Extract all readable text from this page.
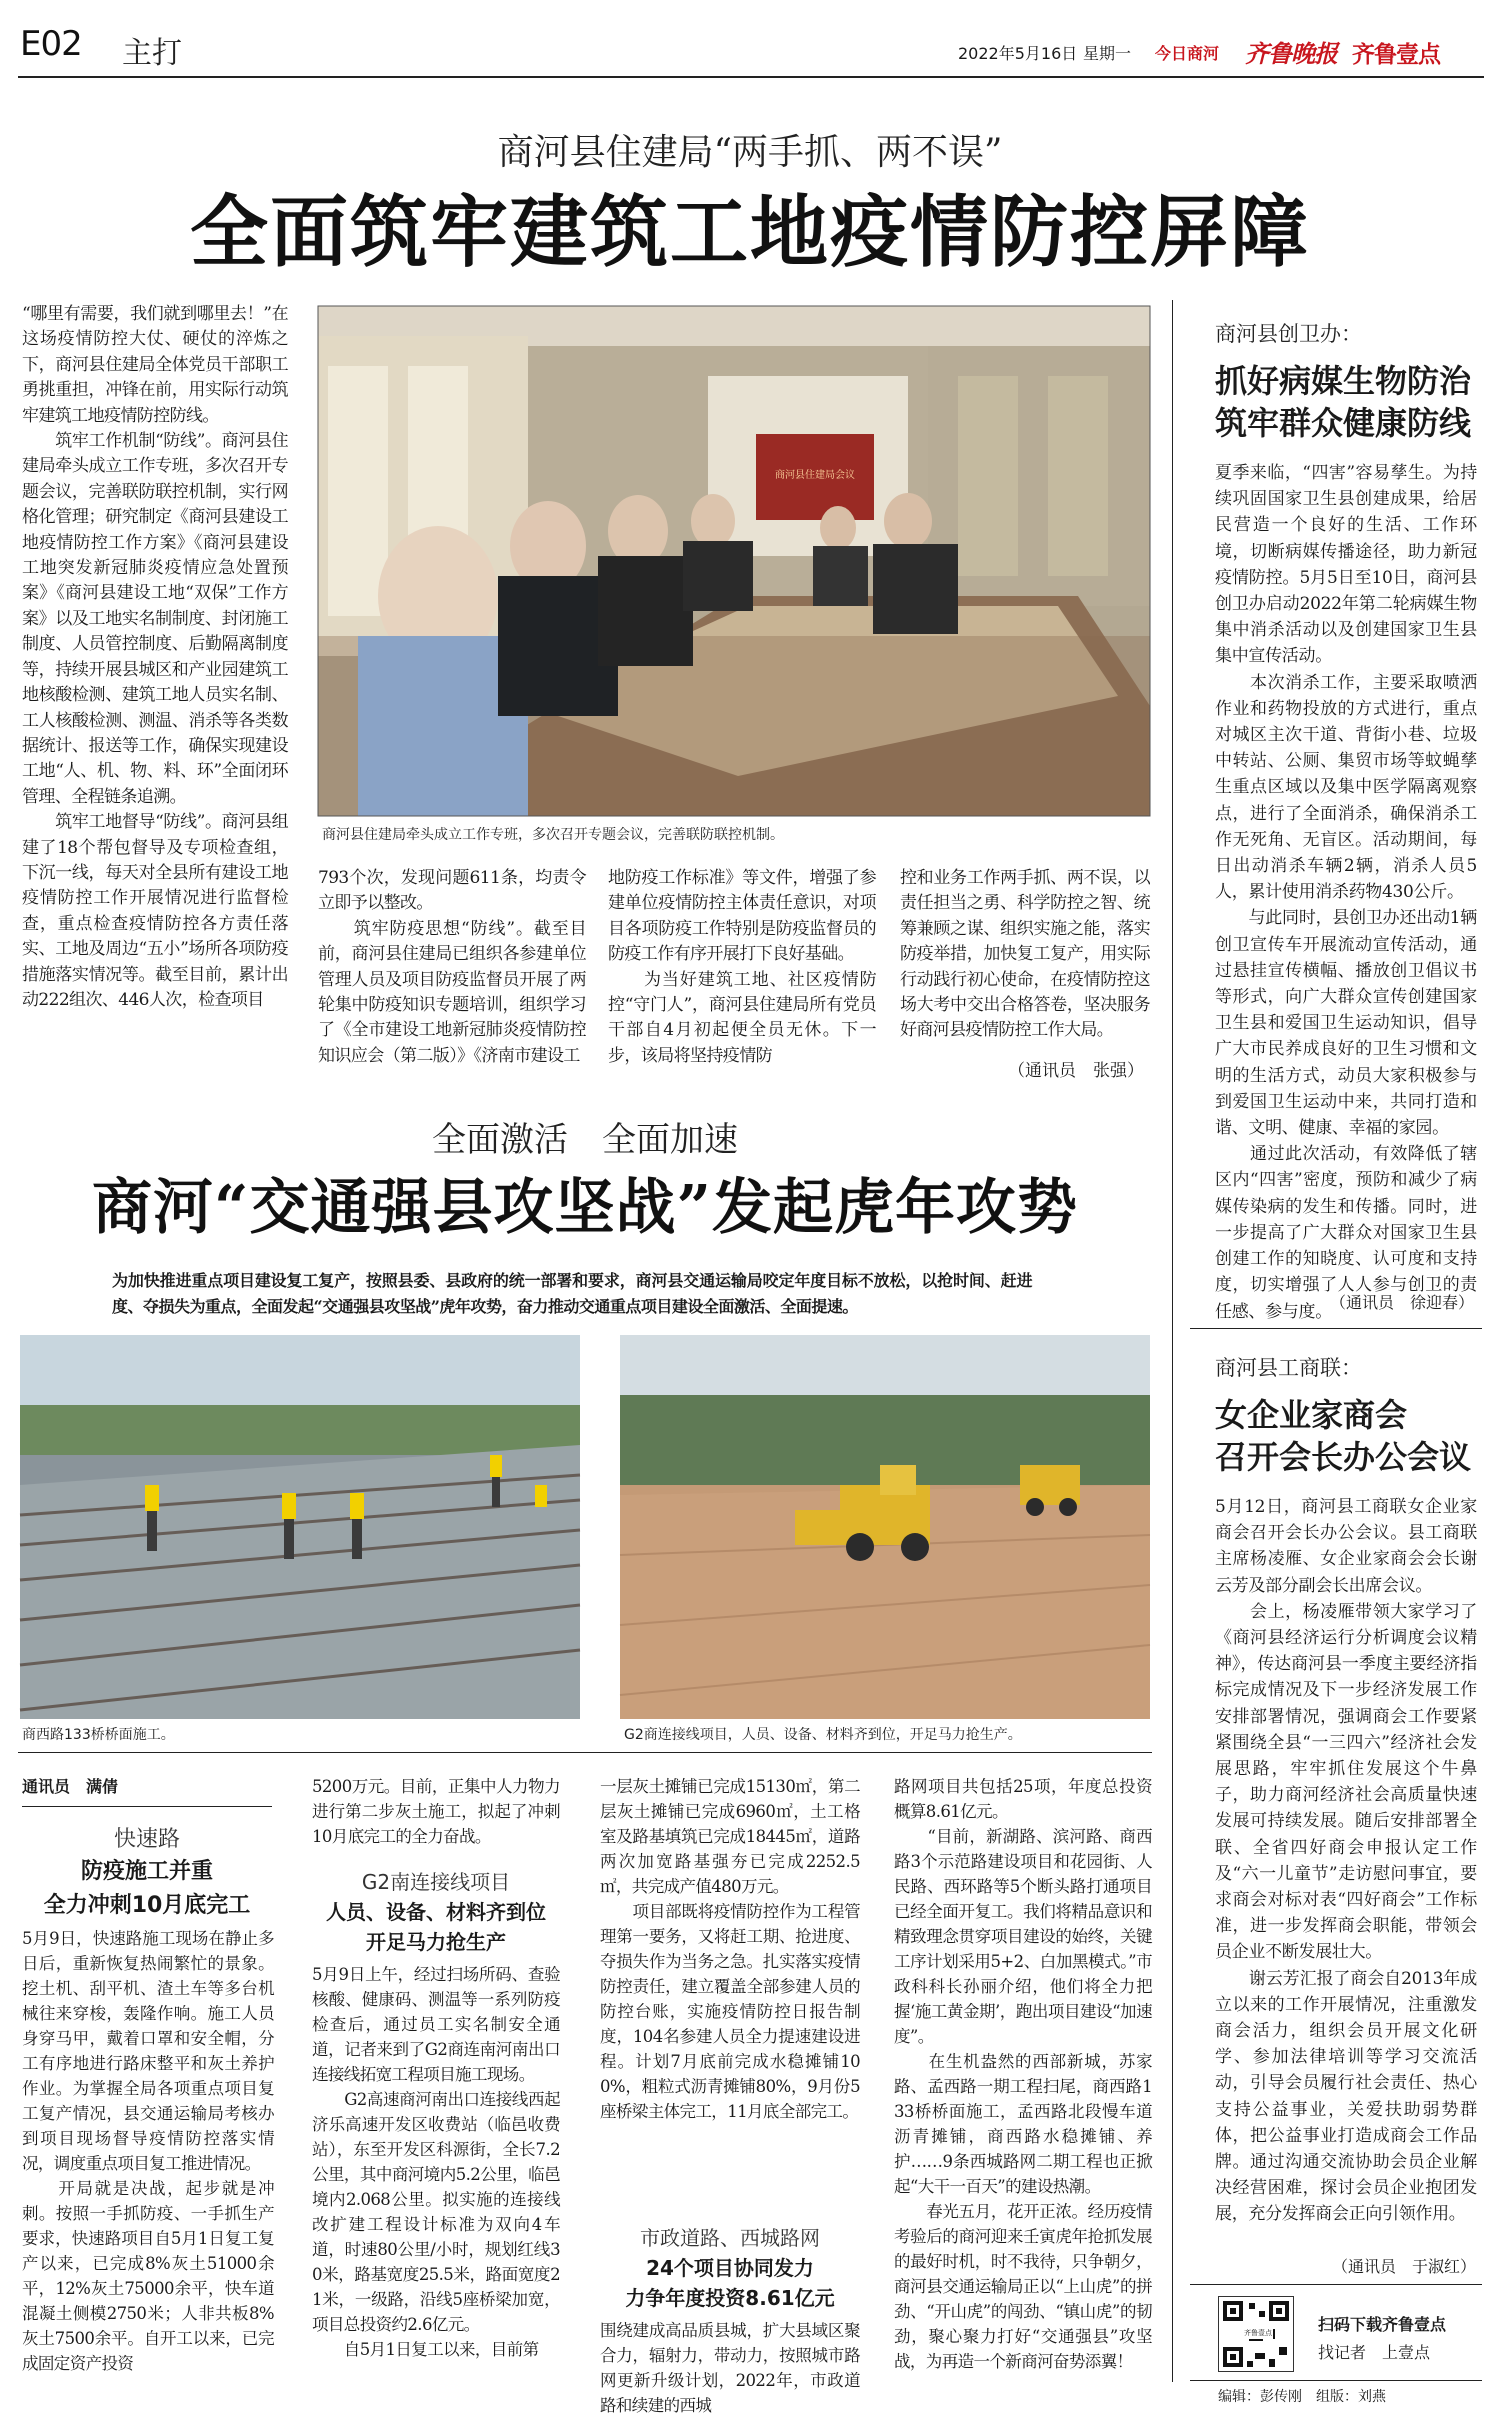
E02 主打	2022年5月16日 星期一 今日商河 齐鲁晚报 齐鲁壹点
商河县住建局“两手抓、两不误”
全面筑牢建筑工地疫情防控屏障
“哪里有需要，我们就到哪里去！”在这场疫情防控大仗、硬仗的淬炼之下，商河县住建局全体党员干部职工勇挑重担，冲锋在前，用实际行动筑牢建筑工地疫情防控防线。
　　筑牢工作机制“防线”。商河县住建局牵头成立工作专班，多次召开专题会议，完善联防联控机制，实行网格化管理；研究制定《商河县建设工地疫情防控工作方案》《商河县建设工地突发新冠肺炎疫情应急处置预案》《商河县建设工地“双保”工作方案》以及工地实名制制度、封闭施工制度、人员管控制度、后勤隔离制度等，持续开展县城区和产业园建筑工地核酸检测、建筑工地人员实名制、工人核酸检测、测温、消杀等各类数据统计、报送等工作，确保实现建设工地“人、机、物、料、环”全面闭环管理、全程链条追溯。
　　筑牢工地督导“防线”。商河县组建了18个帮包督导及专项检查组，下沉一线，每天对全县所有建设工地疫情防控工作开展情况进行监督检查，重点检查疫情防控各方责任落实、工地及周边“五小”场所各项防疫措施落实情况等。截至目前，累计出动222组次、446人次，检查项目
商河县住建局会议
商河县住建局牵头成立工作专班，多次召开专题会议，完善联防联控机制。
793个次，发现问题611条，均责令立即予以整改。
　　筑牢防疫思想“防线”。截至目前，商河县住建局已组织各参建单位管理人员及项目防疫监督员开展了两轮集中防疫知识专题培训，组织学习了《全市建设工地新冠肺炎疫情防控知识应会（第二版）》《济南市建设工
地防疫工作标准》等文件，增强了参建单位疫情防控主体责任意识，对项目各项防疫工作特别是防疫监督员的防疫工作有序开展打下良好基础。
　　为当好建筑工地、社区疫情防控“守门人”，商河县住建局所有党员干部自4月初起便全员无休。下一步，该局将坚持疫情防
控和业务工作两手抓、两不误，以责任担当之勇、科学防控之智、统筹兼顾之谋、组织实施之能，落实防疫举措，加快复工复产，用实际行动践行初心使命，在疫情防控这场大考中交出合格答卷，坚决服务好商河县疫情防控工作大局。
（通讯员　张强）
全面激活　全面加速
商河“交通强县攻坚战”发起虎年攻势
为加快推进重点项目建设复工复产，按照县委、县政府的统一部署和要求，商河县交通运输局咬定年度目标不放松，以抢时间、赶进度、夺损失为重点，全面发起“交通强县攻坚战”虎年攻势，奋力推动交通重点项目建设全面激活、全面提速。
商西路133桥桥面施工。	G2商连接线项目，人员、设备、材料齐到位，开足马力抢生产。
通讯员　满倩
快速路
防疫施工并重
全力冲刺10月底完工
5月9日，快速路施工现场在静止多日后，重新恢复热闹繁忙的景象。挖土机、刮平机、渣土车等多台机械往来穿梭，轰隆作响。施工人员身穿马甲，戴着口罩和安全帽，分工有序地进行路床整平和灰土养护作业。为掌握全局各项重点项目复工复产情况，县交通运输局考核办到项目现场督导疫情防控落实情况，调度重点项目复工推进情况。
　　开局就是决战，起步就是冲刺。按照一手抓防疫、一手抓生产要求，快速路项目自5月1日复工复产以来，已完成8%灰土51000余平，12%灰土75000余平，快车道混凝土侧模2750米；人非共板8%灰土7500余平。自开工以来，已完成固定资产投资
5200万元。目前，正集中人力物力进行第二步灰土施工，拟起了冲刺10月底完工的全力奋战。
G2南连接线项目
人员、设备、材料齐到位
开足马力抢生产
5月9日上午，经过扫场所码、查验核酸、健康码、测温等一系列防疫检查后，通过员工实名制安全通道，记者来到了G2商连南河南出口连接线拓宽工程项目施工现场。
　　G2高速商河南出口连接线西起济乐高速开发区收费站（临邑收费站），东至开发区科源街，全长7.2公里，其中商河境内5.2公里，临邑境内2.068公里。拟实施的连接线改扩建工程设计标准为双向4车道，时速80公里/小时，规划红线30米，路基宽度25.5米，路面宽度21米，一级路，沿线5座桥梁加宽，项目总投资约2.6亿元。
　　自5月1日复工以来，目前第
一层灰土摊铺已完成15130㎡，第二层灰土摊铺已完成6960㎡，土工格室及路基填筑已完成18445㎡，道路两次加宽路基强夯已完成2252.5㎡，共完成产值480万元。
　　项目部既将疫情防控作为工程管理第一要务，又将赶工期、抢进度、夺损失作为当务之急。扎实落实疫情防控责任，建立覆盖全部参建人员的防控台账，实施疫情防控日报告制度，104名参建人员全力提速建设进程。计划7月底前完成水稳摊铺100%，粗粒式沥青摊铺80%，9月份5座桥梁主体完工，11月底全部完工。
市政道路、西城路网
24个项目协同发力
力争年度投资8.61亿元
围绕建成高品质县城，扩大县域区聚合力，辐射力，带动力，按照城市路网更新升级计划，2022年，市政道路和续建的西城
路网项目共包括25项，年度总投资概算8.61亿元。
　　“目前，新湖路、滨河路、商西路3个示范路建设项目和花园街、人民路、西环路等5个断头路打通项目已经全面开复工。我们将精品意识和精致理念贯穿项目建设的始终，关键工序计划采用5+2、白加黑模式。”市政科科长孙丽介绍，他们将全力把握‘施工黄金期’，跑出项目建设“加速度”。
　　在生机盎然的西部新城，苏家路、孟西路一期工程扫尾，商西路133桥桥面施工，孟西路北段慢车道沥青摊铺，商西路水稳摊铺、养护……9条西城路网二期工程也正掀起“大干一百天”的建设热潮。
　　春光五月，花开正浓。经历疫情考验后的商河迎来壬寅虎年抢抓发展的最好时机，时不我待，只争朝夕，商河县交通运输局正以“上山虎”的拼劲、“开山虎”的闯劲、“镇山虎”的韧劲，聚心聚力打好“交通强县”攻坚战，为再造一个新商河奋势添翼！
商河县创卫办：
抓好病媒生物防治
筑牢群众健康防线
夏季来临，“四害”容易孳生。为持续巩固国家卫生县创建成果，给居民营造一个良好的生活、工作环境，切断病媒传播途径，助力新冠疫情防控。5月5日至10日，商河县创卫办启动2022年第二轮病媒生物集中消杀活动以及创建国家卫生县集中宣传活动。
　　本次消杀工作，主要采取喷洒作业和药物投放的方式进行，重点对城区主次干道、背街小巷、垃圾中转站、公厕、集贸市场等蚊蝇孳生重点区域以及集中医学隔离观察点，进行了全面消杀，确保消杀工作无死角、无盲区。活动期间，每日出动消杀车辆2辆，消杀人员5人，累计使用消杀药物430公斤。
　　与此同时，县创卫办还出动1辆创卫宣传车开展流动宣传活动，通过悬挂宣传横幅、播放创卫倡议书等形式，向广大群众宣传创建国家卫生县和爱国卫生运动知识，倡导广大市民养成良好的卫生习惯和文明的生活方式，动员大家积极参与到爱国卫生运动中来，共同打造和谐、文明、健康、幸福的家园。
　　通过此次活动，有效降低了辖区内“四害”密度，预防和减少了病媒传染病的发生和传播。同时，进一步提高了广大群众对国家卫生县创建工作的知晓度、认可度和支持度，切实增强了人人参与创卫的责任感、参与度。
（通讯员　徐迎春）
商河县工商联：
女企业家商会
召开会长办公会议
5月12日，商河县工商联女企业家商会召开会长办公会议。县工商联主席杨凌雁、女企业家商会会长谢云芳及部分副会长出席会议。
　　会上，杨凌雁带领大家学习了《商河县经济运行分析调度会议精神》，传达商河县一季度主要经济指标完成情况及下一步经济发展工作安排部署情况，强调商会工作要紧紧围绕全县“一三四六”经济社会发展思路，牢牢抓住发展这个牛鼻子，助力商河经济社会高质量快速发展可持续发展。随后安排部署全联、全省四好商会申报认定工作及“六一儿童节”走访慰问事宜，要求商会对标对表“四好商会”工作标准，进一步发挥商会职能，带领会员企业不断发展壮大。
　　谢云芳汇报了商会自2013年成立以来的工作开展情况，注重激发商会活力，组织会员开展文化研学、参加法律培训等学习交流活动，引导会员履行社会责任、热心支持公益事业，关爱扶助弱势群体，把公益事业打造成商会工作品牌。通过沟通交流协助会员企业解决经营困难，探讨会员企业抱团发展，充分发挥商会正向引领作用。
（通讯员　于淑红）
齐鲁壹点	扫码下载齐鲁壹点
找记者　上壹点
编辑：彭传刚　组版：刘燕
